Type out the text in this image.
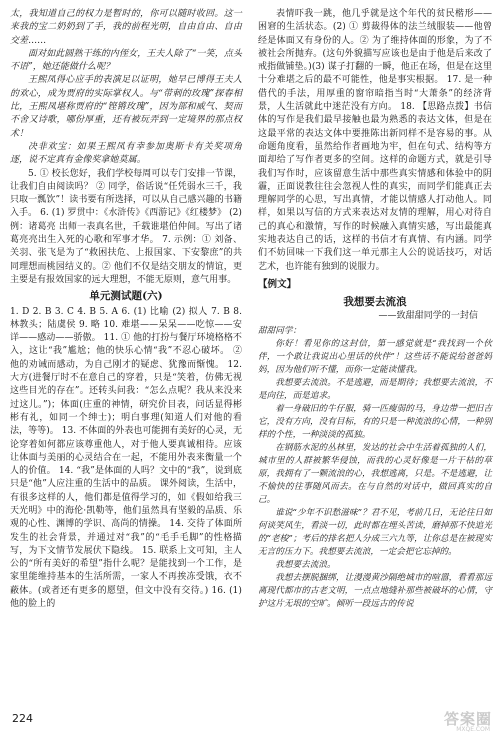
太，我知道自己的权力是暂时的，你可以随时收回。这一来我的宝二奶奶到了手，我的前程光明，自由自由、自由交差……

面对如此圆熟干练的内侄女，王夫人除了“一笑，点头不语”，她还能做什么呢？

王熙凤得心应手的表演足以证明，她早已博得王夫人的欢心，成为贾府的实际掌权人。与“带刺的玫瑰”探春相比，王熙凤堪称贾府的“铿锵玫瑰”，因为部和威气、契而不舍又诗歌，哪份厚重，还有被玩弄到一定境界的那点权术！

决非欢宝：如果王熙凤有幸参加奥斯卡有关奖项角逐，说不定真有金像奖拿她莫属。

5. ① 校长您好，我们学校每周可以专门安排一节课，让我们自由阅读吗？ ② 同学，俗话说“任凭弱水三千，我只取一瓢饮”！读书要有所选择，可以从自己感兴趣的书籍入手。 6. (1) 罗贯中：《水浒传》《西游记》《红楼梦》 (2) 例：诸葛亮 出师一表真名世，千载谁堪伯仲间。写出了诸葛亮亮出生入死的心歌和军事才华。 7. 示例：① 刘备、关羽、张飞是为了“救困扶危、上报国家、下安黎庶”的共同理想而桃园结义的。② 他们不仅是结交朋友的情谊，更主要是有报效国家的远大理想，不能无原则，意气用事。

单元测试题(六)

1. D 2. B 3. C 4. B 5. A 6. (1) 比喻 (2) 拟人 7. B 8. 林教头；陆虞侯 9. 略 10. 难堪——呆呆——吃惊——安详——感动——骄傲。 11. ① 他的打扮与餐厅环境格格不入，这让“我”尴尬；他的快乐心情“我”不忍心破坏。 ② 他的劝诫而感动，为自己刚才的疑虑、犹豫而惭愧。 12. 大方(进餐厅时不在意自己的穿着，只是“笑着，仿佛无视这些目光的存在”。还转头问我：“怎么点呢？我从来没来过这儿。”)；体面(庄重的神情，研究价目表，问话显得彬彬有礼，如同一个绅士)；明白事理(知道人们对他的看法，等等)。 13. 不体面的外表也可能拥有美好的心灵，无论穿着如何都应该尊重他人，对于他人要真诚相待。应该让体面与美丽的心灵结合在一起，不能用外表来衡量一个人的价值。 14. “我”是体面的人吗？文中的“我”，说到底只是“他”人应注重的生活中的品质。 课外阅读，生活中，有很多这样的人，他们都是值得学习的，如《假如给我三天光明》中的海伦·凯勒等，他们虽然具有坚毅的品质、乐观的心性、渊博的学识、高尚的情操。 14. 交待了体面所发生的社会背景，并通过对“我”的“毛手毛脚”的性格描写，为下文情节发展伏下隐线。 15. 联系上文可知，主人公的“所有美好的希望”指什么呢？是能找到一个工作，是家里能维持基本的生活所需，一家人不再挨冻受饿，衣不蔽体。(或者还有更多的愿望，但文中没有交待。) 16. (1) 他的脸上的

表情吓我一跳，他几乎就是这个年代的贫民楷形——困窘的生活状态。(2) ① 剪裁得体的法兰绒服装——他曾经是体面又有身份的人。② 为了维持体面的形象，为了不被社会所抛弃。(这句外貌描写应该也是由于他是后来改了戒指做铺垫。)(3) 谋子打翻的一瞬，他正在场，但是在这里十分难堪之后的最不可能性，他是事实根据。 17. 是一种借代的手法，用厚重的窗帘暗指当时“大萧条”的经济背景，人生活就此中迷茫没有方向。 18. 【思路点拨】书信体的写作是我们最早接触也最为熟悉的表达文体，但是在这最平常的表达文体中要推陈出新同样不是容易的事。从命题角度看，虽然给作者画地为牢，但在句式、结构等方面却给了写作者更多的空间。这样的命题方式，就是引导我们写作时，应该留意生活中那些真实情感和体验中的阴霾，正面说教往往会忽视人性的真实，而同学们能真正去理解同学的心思，写出真情，才能以情感人打动他人。同样，如果以写信的方式来表达对友情的理解，用心对待自己的真心和激情，写作的时候融入真情实感，写出最能真实地表达自己的话，这样的书信才有真情、有内涵。同学们不妨回味一下我们这一单元那主人公的说话技巧，对话艺术，也许能有独到的说服力。

【例文】
我想要去流浪
——致甜甜同学的一封信

甜甜同学：

你好！看见你的这封信，第一感觉就是“我找到一个伙伴，一个敢让我说出心里话的伙伴”！这些话不能说给爸爸妈妈，因为他们听不懂，而你一定能读懂我。

我想要去流浪。不是逃避，而是期待；我想要去流浪，不是向往，而是追求。

着一身破旧的牛仔服，骑一匹瘦弱的马，身边带一把旧吉它，没有方向，没有目标，有的只是一种流浪的心情，一种别样的个性，一种淡淡的孤独。

在钢筋水泥的丛林里，发达的社会中生活着孤独的人们，城市里的人群被繁华侵蚀，而我的心灵好像是一片干枯的草原，我拥有了一颗流浪的心，我想逃离，只是。不是逃避，让不愉快的往事随风而去。在与自然的对话中，做回真实的自己。

谁说“少年不识愁滋味”？君不见，考前几日，无论往日如何谈笑风生，看淡一切，此时都在埋头苦读，磨掉那不快追光的“老梭”；考后的排名把人分成三六九等，让你总是在被现实无言的压力下。我想要去流浪，一定会把它忘掉的。

我想要去流浪。

我想去摆脱捆绑，让漫漫黄沙隔绝城市的喧嚣，看看那远离现代都市的古老文明，一点点地缝补那些被破坏的心情，守护这片无垠的空旷。倾听一段远古的传说

224	答案圈
MXQE.COM
